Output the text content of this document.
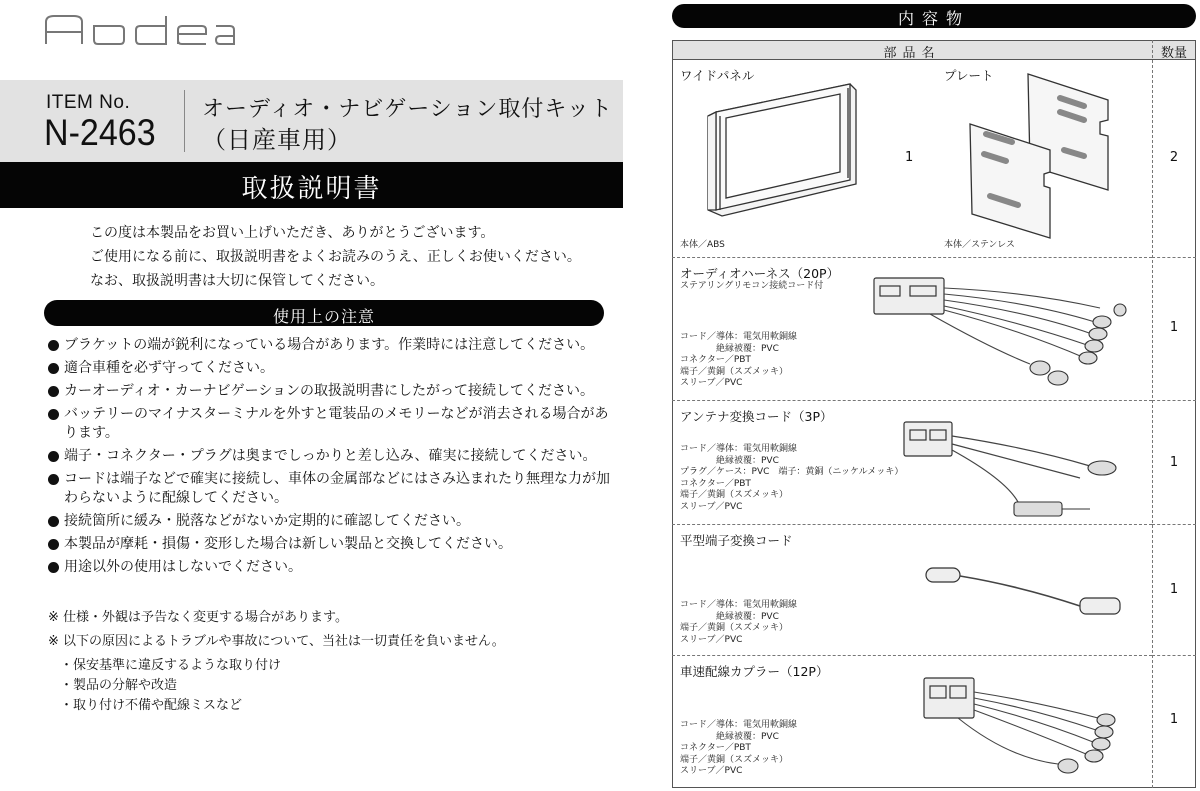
ITEM No.
N-2463
オーディオ・ナビゲーション取付キット
（日産車用）
取扱説明書
この度は本製品をお買い上げいただき、ありがとうございます。
ご使用になる前に、取扱説明書をよくお読みのうえ、正しくお使いください。
なお、取扱説明書は大切に保管してください。
使用上の注意
ブラケットの端が鋭利になっている場合があります。作業時には注意してください。
適合車種を必ず守ってください。
カーオーディオ・カーナビゲーションの取扱説明書にしたがって接続してください。
バッテリーのマイナスターミナルを外すと電装品のメモリーなどが消去される場合があります。
端子・コネクター・プラグは奥までしっかりと差し込み、確実に接続してください。
コードは端子などで確実に接続し、車体の金属部などにはさみ込まれたり無理な力が加わらないように配線してください。
接続箇所に緩み・脱落などがないか定期的に確認してください。
本製品が摩耗・損傷・変形した場合は新しい製品と交換してください。
用途以外の使用はしないでください。
※ 仕様・外観は予告なく変更する場合があります。
※ 以下の原因によるトラブルや事故について、当社は一切責任を負いません。
・保安基準に違反するような取り付け
・製品の分解や改造
・取り付け不備や配線ミスなど
内容物
部品名	数量
ワイドパネル
1
本体／ABS
プレート
2
本体／ステンレス
オーディオハーネス（20P）
ステアリングリモコン接続コード付
コード／導体：電気用軟銅線
　　　　絶縁被覆：PVC
コネクター／PBT
端子／黄銅（スズメッキ）
スリーブ／PVC
1
アンテナ変換コード（3P）
コード／導体：電気用軟銅線
　　　　絶縁被覆：PVC
プラグ／ケース：PVC　端子：黄銅（ニッケルメッキ）
コネクター／PBT
端子／黄銅（スズメッキ）
スリーブ／PVC
1
平型端子変換コード
コード／導体：電気用軟銅線
　　　　絶縁被覆：PVC
端子／黄銅（スズメッキ）
スリーブ／PVC
1
車速配線カプラー（12P）
コード／導体：電気用軟銅線
　　　　絶縁被覆：PVC
コネクター／PBT
端子／黄銅（スズメッキ）
スリーブ／PVC
1
